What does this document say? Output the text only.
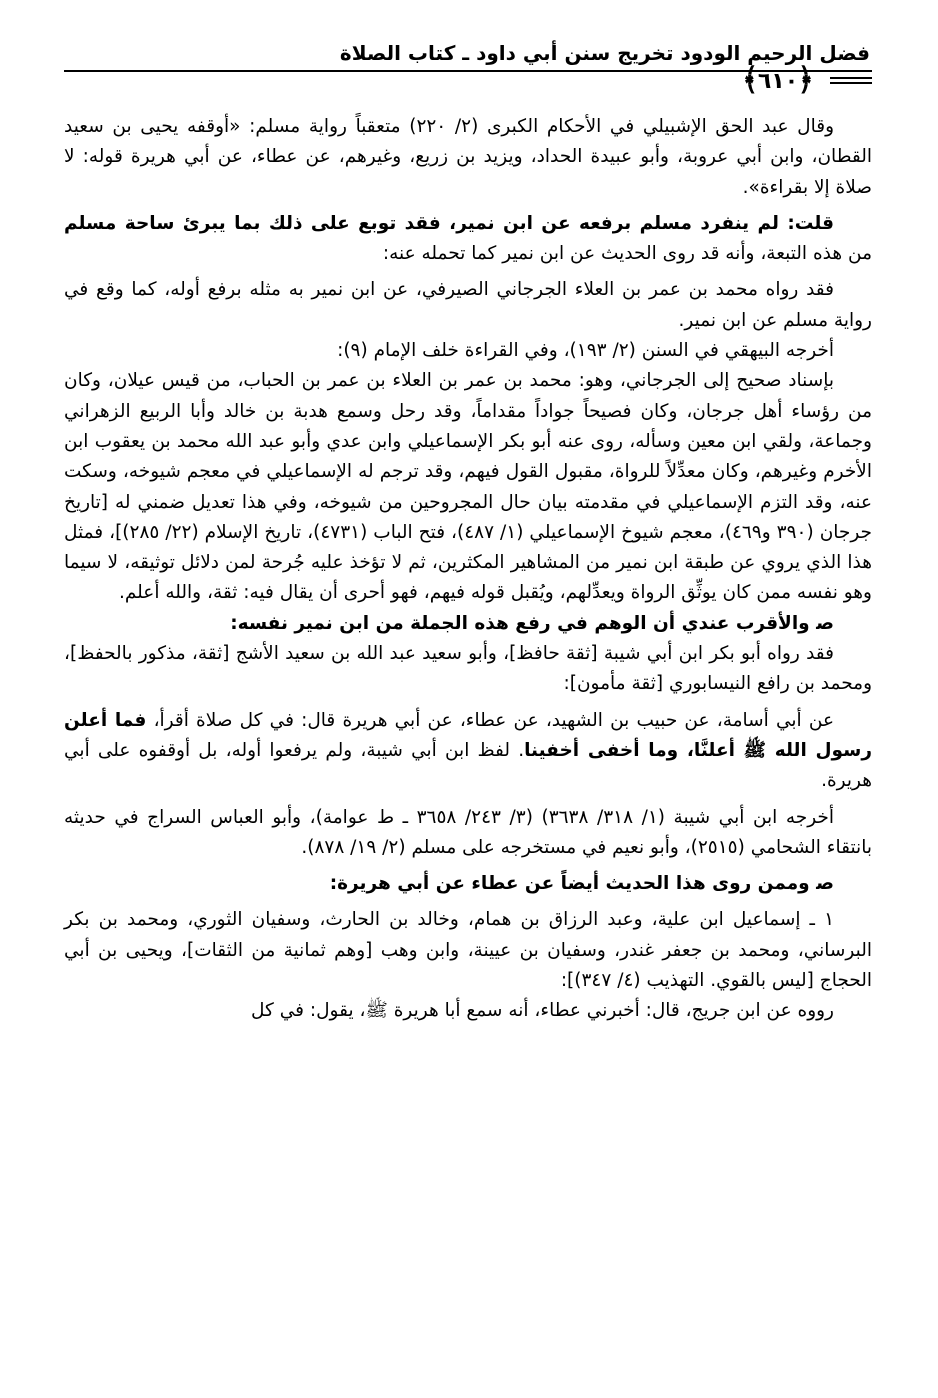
فضل الرحيم الودود تخريج سنن أبي داود ـ كتاب الصلاة
﴿٦١٠﴾

وقال عبد الحق الإشبيلي في الأحكام الكبرى (٢/ ٢٢٠) متعقباً رواية مسلم: «أوقفه يحيى بن سعيد القطان، وابن أبي عروبة، وأبو عبيدة الحداد، ويزيد بن زريع، وغيرهم، عن عطاء، عن أبي هريرة قوله: لا صلاة إلا بقراءة».

قلت: لم ينفرد مسلم برفعه عن ابن نمير، فقد توبع على ذلك بما يبرئ ساحة مسلم من هذه التبعة، وأنه قد روى الحديث عن ابن نمير كما تحمله عنه:

فقد رواه محمد بن عمر بن العلاء الجرجاني الصيرفي، عن ابن نمير به مثله برفع أوله، كما وقع في رواية مسلم عن ابن نمير.

أخرجه البيهقي في السنن (٢/ ١٩٣)، وفي القراءة خلف الإمام (٩):

بإسناد صحيح إلى الجرجاني، وهو: محمد بن عمر بن العلاء بن عمر بن الحباب، من قيس عيلان، وكان من رؤساء أهل جرجان، وكان فصيحاً جواداً مقداماً، وقد رحل وسمع هدبة بن خالد وأبا الربيع الزهراني وجماعة، ولقي ابن معين وسأله، روى عنه أبو بكر الإسماعيلي وابن عدي وأبو عبد الله محمد بن يعقوب ابن الأخرم وغيرهم، وكان معدِّلاً للرواة، مقبول القول فيهم، وقد ترجم له الإسماعيلي في معجم شيوخه، وسكت عنه، وقد التزم الإسماعيلي في مقدمته بيان حال المجروحين من شيوخه، وفي هذا تعديل ضمني له [تاريخ جرجان (٣٩٠ و٤٦٩)، معجم شيوخ الإسماعيلي (١/ ٤٨٧)، فتح الباب (٤٧٣١)، تاريخ الإسلام (٢٢/ ٢٨٥)]، فمثل هذا الذي يروي عن طبقة ابن نمير من المشاهير المكثرين، ثم لا تؤخذ عليه جُرحة لمن دلائل توثيقه، لا سيما وهو نفسه ممن كان يوثِّق الرواة ويعدِّلهم، ويُقبل قوله فيهم، فهو أحرى أن يقال فيه: ثقة، والله أعلم.

ﺻ والأقرب عندي أن الوهم في رفع هذه الجملة من ابن نمير نفسه:

فقد رواه أبو بكر ابن أبي شيبة [ثقة حافظ]، وأبو سعيد عبد الله بن سعيد الأشج [ثقة، مذكور بالحفظ]، ومحمد بن رافع النيسابوري [ثقة مأمون]:

عن أبي أسامة، عن حبيب بن الشهيد، عن عطاء، عن أبي هريرة قال: في كل صلاة أقرأ، فما أعلن رسول الله ﷺ أعلنَّا، وما أخفى أخفينا. لفظ ابن أبي شيبة، ولم يرفعوا أوله، بل أوقفوه على أبي هريرة.

أخرجه ابن أبي شيبة (١/ ٣١٨/ ٣٦٣٨) (٣/ ٢٤٣/ ٣٦٥٨ ـ ط عوامة)، وأبو العباس السراج في حديثه بانتقاء الشحامي (٢٥١٥)، وأبو نعيم في مستخرجه على مسلم (٢/ ١٩/ ٨٧٨).

ﺻ وممن روى هذا الحديث أيضاً عن عطاء عن أبي هريرة:

١ ـ إسماعيل ابن علية، وعبد الرزاق بن همام، وخالد بن الحارث، وسفيان الثوري، ومحمد بن بكر البرساني، ومحمد بن جعفر غندر، وسفيان بن عيينة، وابن وهب [وهم ثمانية من الثقات]، ويحيى بن أبي الحجاج [ليس بالقوي. التهذيب (٤/ ٣٤٧)]:

رووه عن ابن جريج، قال: أخبرني عطاء، أنه سمع أبا هريرة ﷺ، يقول: في كل
